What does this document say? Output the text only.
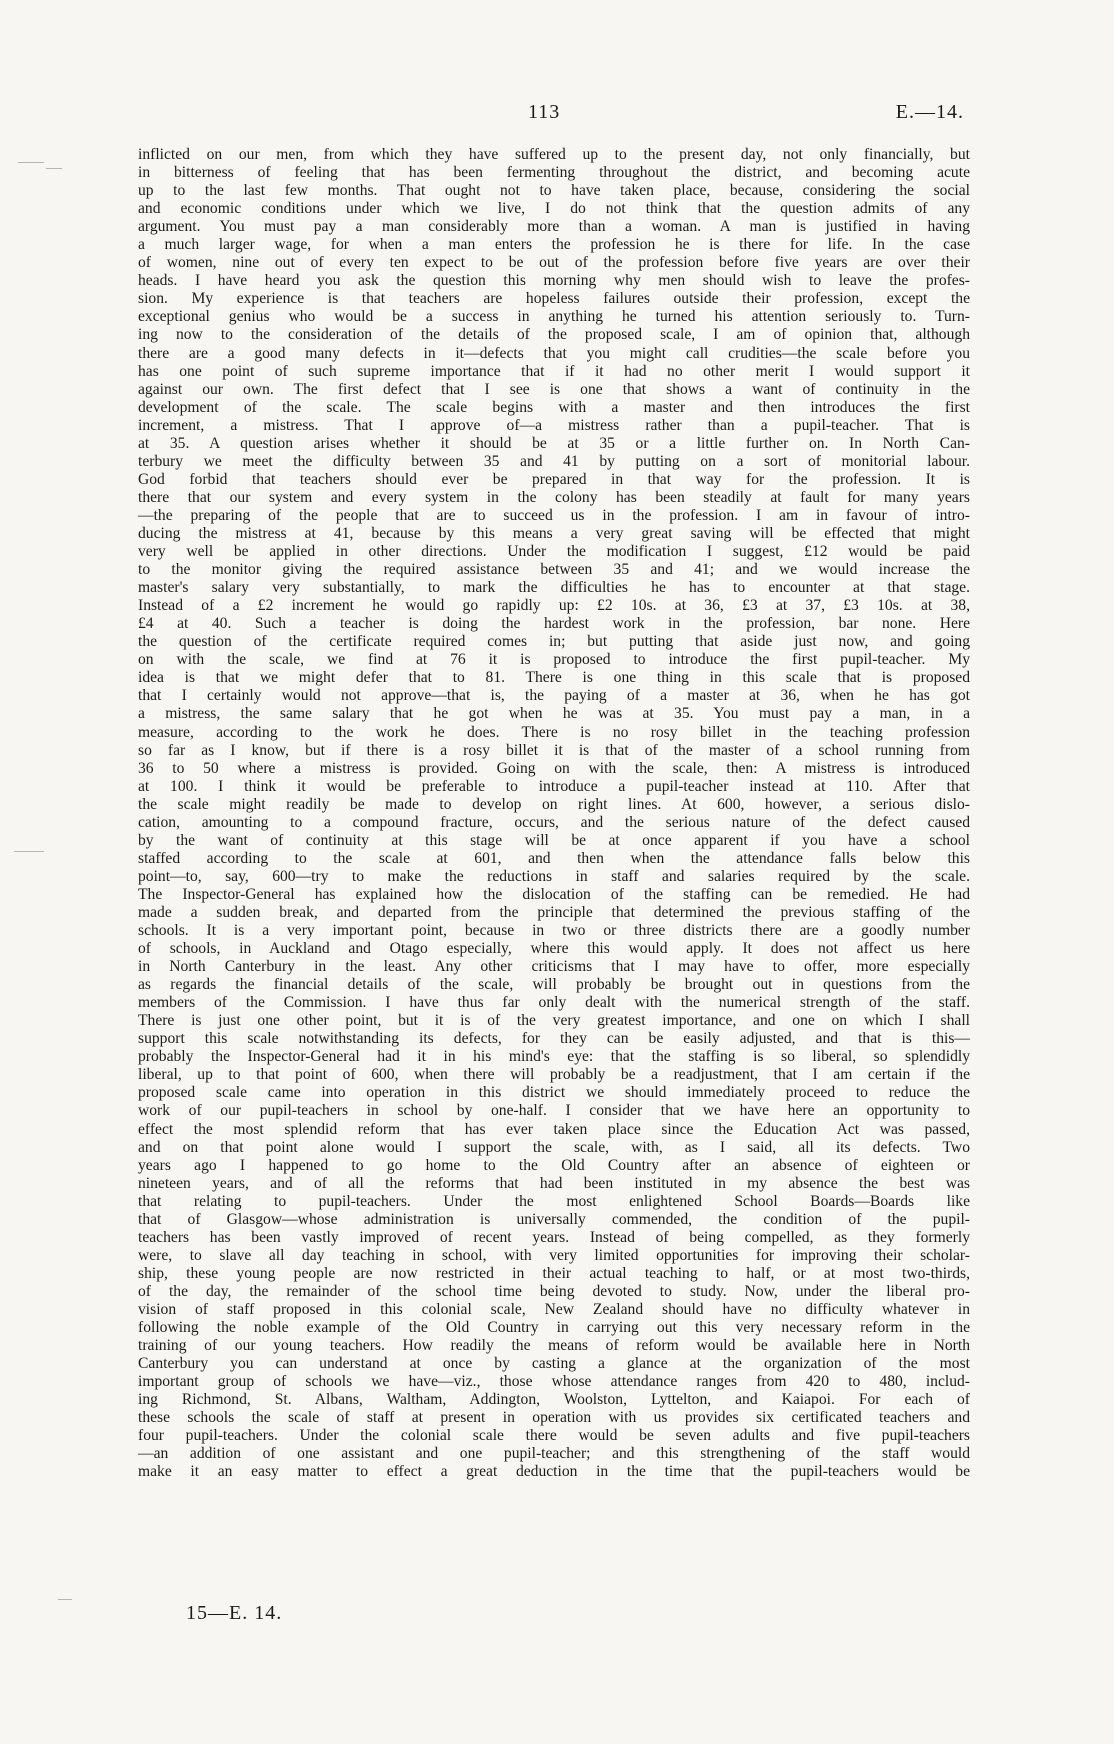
113	E.—14.
inflicted on our men, from which they have suffered up to the present day, not only financially, but
in bitterness of feeling that has been fermenting throughout the district, and becoming acute
up to the last few months. That ought not to have taken place, because, considering the social
and economic conditions under which we live, I do not think that the question admits of any
argument. You must pay a man considerably more than a woman. A man is justified in having
a much larger wage, for when a man enters the profession he is there for life. In the case
of women, nine out of every ten expect to be out of the profession before five years are over their
heads. I have heard you ask the question this morning why men should wish to leave the profes-
sion. My experience is that teachers are hopeless failures outside their profession, except the
exceptional genius who would be a success in anything he turned his attention seriously to. Turn-
ing now to the consideration of the details of the proposed scale, I am of opinion that, although
there are a good many defects in it—defects that you might call crudities—the scale before you
has one point of such supreme importance that if it had no other merit I would support it
against our own. The first defect that I see is one that shows a want of continuity in the
development of the scale. The scale begins with a master and then introduces the first
increment, a mistress. That I approve of—a mistress rather than a pupil-teacher. That is
at 35. A question arises whether it should be at 35 or a little further on. In North Can-
terbury we meet the difficulty between 35 and 41 by putting on a sort of monitorial labour.
God forbid that teachers should ever be prepared in that way for the profession. It is
there that our system and every system in the colony has been steadily at fault for many years
—the preparing of the people that are to succeed us in the profession. I am in favour of intro-
ducing the mistress at 41, because by this means a very great saving will be effected that might
very well be applied in other directions. Under the modification I suggest, £12 would be paid
to the monitor giving the required assistance between 35 and 41; and we would increase the
master's salary very substantially, to mark the difficulties he has to encounter at that stage.
Instead of a £2 increment he would go rapidly up: £2 10s. at 36, £3 at 37, £3 10s. at 38,
£4 at 40. Such a teacher is doing the hardest work in the profession, bar none. Here
the question of the certificate required comes in; but putting that aside just now, and going
on with the scale, we find at 76 it is proposed to introduce the first pupil-teacher. My
idea is that we might defer that to 81. There is one thing in this scale that is proposed
that I certainly would not approve—that is, the paying of a master at 36, when he has got
a mistress, the same salary that he got when he was at 35. You must pay a man, in a
measure, according to the work he does. There is no rosy billet in the teaching profession
so far as I know, but if there is a rosy billet it is that of the master of a school running from
36 to 50 where a mistress is provided. Going on with the scale, then: A mistress is introduced
at 100. I think it would be preferable to introduce a pupil-teacher instead at 110. After that
the scale might readily be made to develop on right lines. At 600, however, a serious dislo-
cation, amounting to a compound fracture, occurs, and the serious nature of the defect caused
by the want of continuity at this stage will be at once apparent if you have a school
staffed according to the scale at 601, and then when the attendance falls below this
point—to, say, 600—try to make the reductions in staff and salaries required by the scale.
The Inspector-General has explained how the dislocation of the staffing can be remedied. He had
made a sudden break, and departed from the principle that determined the previous staffing of the
schools. It is a very important point, because in two or three districts there are a goodly number
of schools, in Auckland and Otago especially, where this would apply. It does not affect us here
in North Canterbury in the least. Any other criticisms that I may have to offer, more especially
as regards the financial details of the scale, will probably be brought out in questions from the
members of the Commission. I have thus far only dealt with the numerical strength of the staff.
There is just one other point, but it is of the very greatest importance, and one on which I shall
support this scale notwithstanding its defects, for they can be easily adjusted, and that is this—
probably the Inspector-General had it in his mind's eye: that the staffing is so liberal, so splendidly
liberal, up to that point of 600, when there will probably be a readjustment, that I am certain if the
proposed scale came into operation in this district we should immediately proceed to reduce the
work of our pupil-teachers in school by one-half. I consider that we have here an opportunity to
effect the most splendid reform that has ever taken place since the Education Act was passed,
and on that point alone would I support the scale, with, as I said, all its defects. Two
years ago I happened to go home to the Old Country after an absence of eighteen or
nineteen years, and of all the reforms that had been instituted in my absence the best was
that relating to pupil-teachers. Under the most enlightened School Boards—Boards like
that of Glasgow—whose administration is universally commended, the condition of the pupil-
teachers has been vastly improved of recent years. Instead of being compelled, as they formerly
were, to slave all day teaching in school, with very limited opportunities for improving their scholar-
ship, these young people are now restricted in their actual teaching to half, or at most two-thirds,
of the day, the remainder of the school time being devoted to study. Now, under the liberal pro-
vision of staff proposed in this colonial scale, New Zealand should have no difficulty whatever in
following the noble example of the Old Country in carrying out this very necessary reform in the
training of our young teachers. How readily the means of reform would be available here in North
Canterbury you can understand at once by casting a glance at the organization of the most
important group of schools we have—viz., those whose attendance ranges from 420 to 480, includ-
ing Richmond, St. Albans, Waltham, Addington, Woolston, Lyttelton, and Kaiapoi. For each of
these schools the scale of staff at present in operation with us provides six certificated teachers and
four pupil-teachers. Under the colonial scale there would be seven adults and five pupil-teachers
—an addition of one assistant and one pupil-teacher; and this strengthening of the staff would
make it an easy matter to effect a great deduction in the time that the pupil-teachers would be
15—E. 14.
